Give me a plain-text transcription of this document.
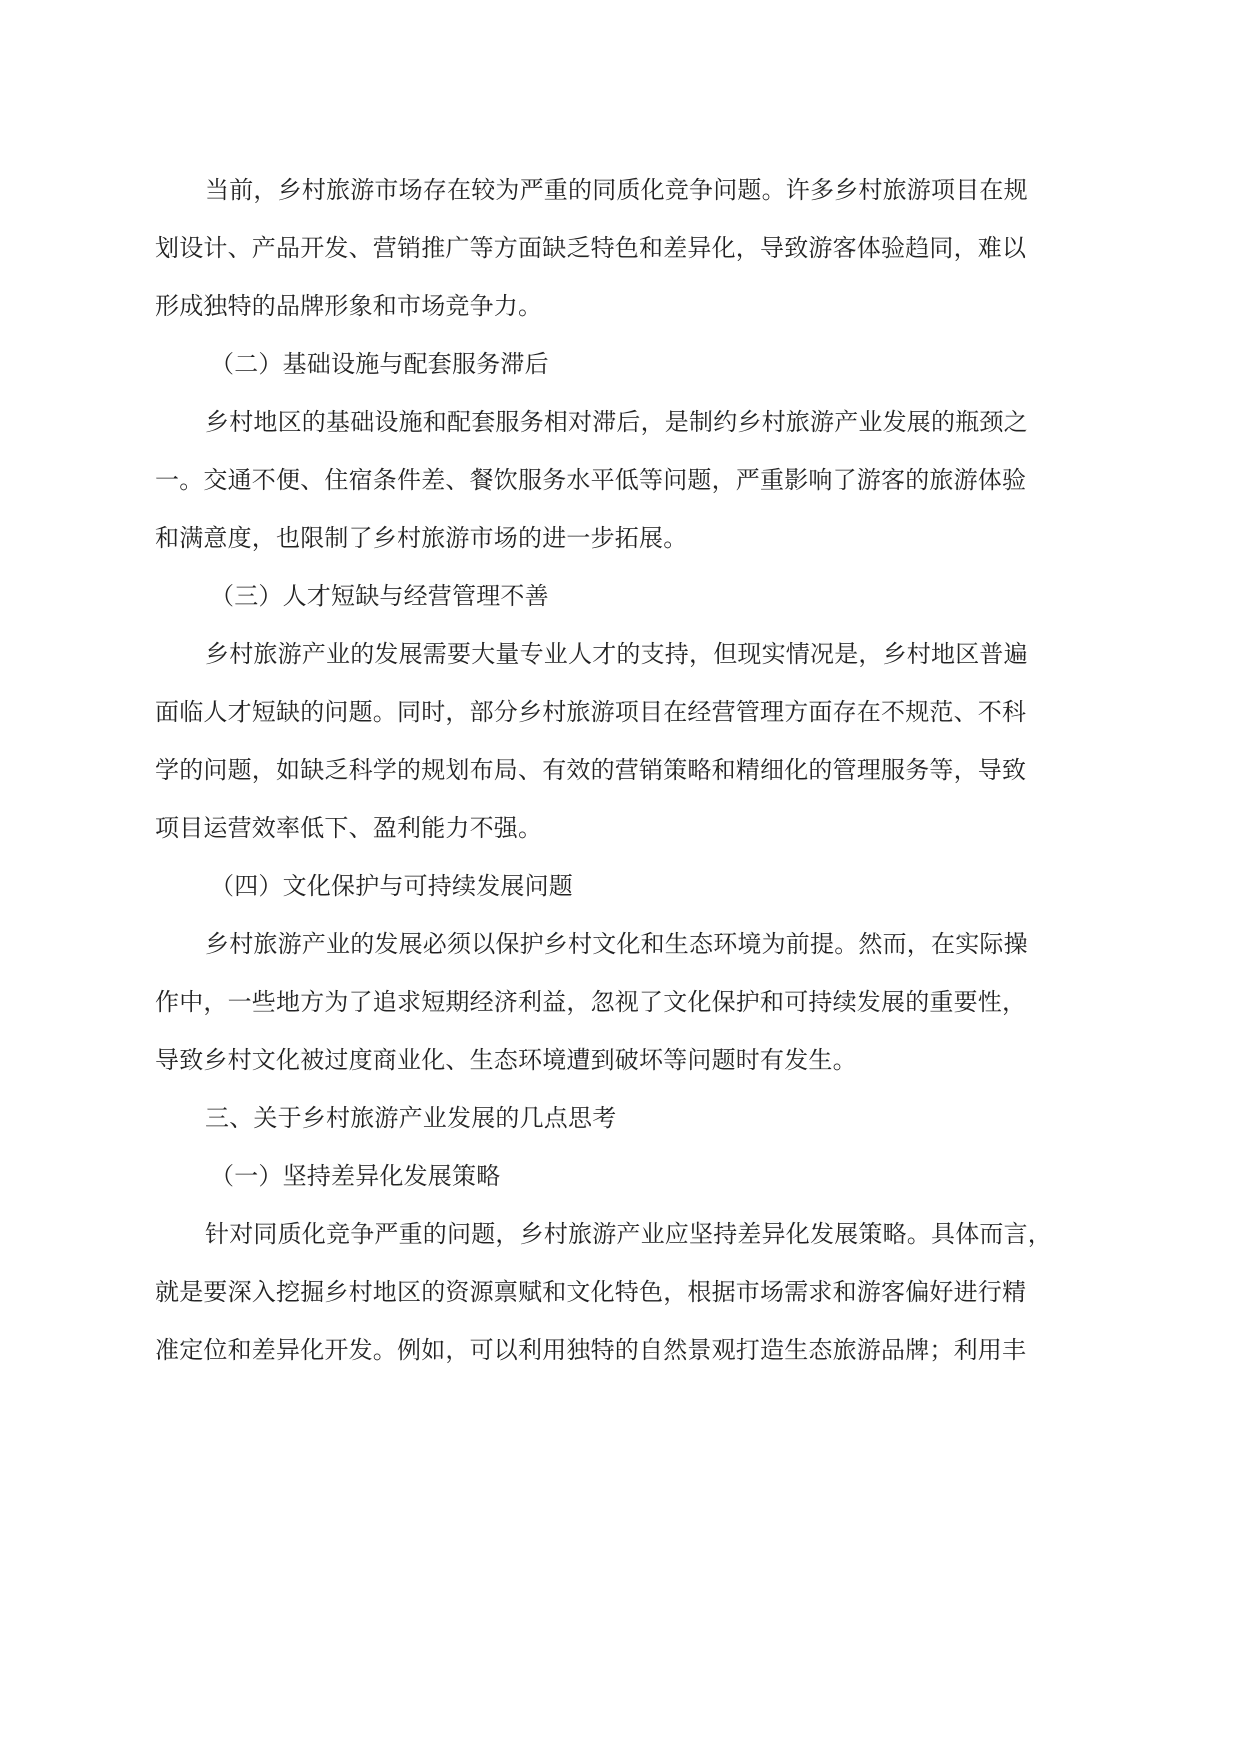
当前，乡村旅游市场存在较为严重的同质化竞争问题。许多乡村旅游项目在规
划设计、产品开发、营销推广等方面缺乏特色和差异化，导致游客体验趋同，难以
形成独特的品牌形象和市场竞争力。
（二）基础设施与配套服务滞后
乡村地区的基础设施和配套服务相对滞后，是制约乡村旅游产业发展的瓶颈之
一。交通不便、住宿条件差、餐饮服务水平低等问题，严重影响了游客的旅游体验
和满意度，也限制了乡村旅游市场的进一步拓展。
（三）人才短缺与经营管理不善
乡村旅游产业的发展需要大量专业人才的支持，但现实情况是，乡村地区普遍
面临人才短缺的问题。同时，部分乡村旅游项目在经营管理方面存在不规范、不科
学的问题，如缺乏科学的规划布局、有效的营销策略和精细化的管理服务等，导致
项目运营效率低下、盈利能力不强。
（四）文化保护与可持续发展问题
乡村旅游产业的发展必须以保护乡村文化和生态环境为前提。然而，在实际操
作中，一些地方为了追求短期经济利益，忽视了文化保护和可持续发展的重要性，
导致乡村文化被过度商业化、生态环境遭到破坏等问题时有发生。
三、关于乡村旅游产业发展的几点思考
（一）坚持差异化发展策略
针对同质化竞争严重的问题，乡村旅游产业应坚持差异化发展策略。具体而言，
就是要深入挖掘乡村地区的资源禀赋和文化特色，根据市场需求和游客偏好进行精
准定位和差异化开发。例如，可以利用独特的自然景观打造生态旅游品牌；利用丰
